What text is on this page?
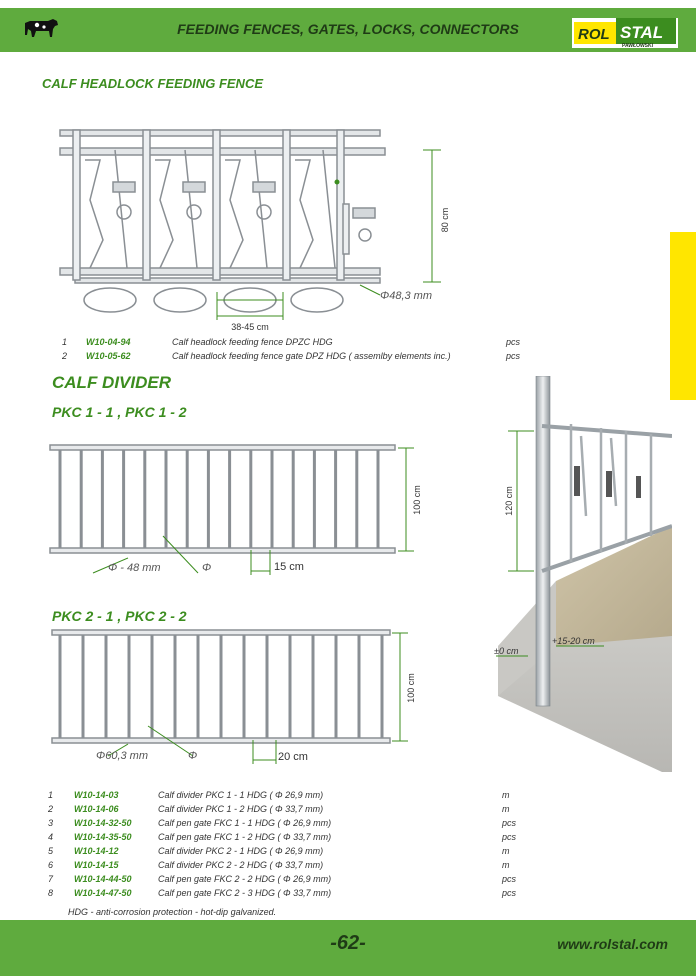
FEEDING FENCES, GATES, LOCKS, CONNECTORS	ROL STAL
PAWŁOWSKI
CALF HEADLOCK FEEDING FENCE
80 cm
38-45 cm
Φ48,3 mm
1 W10-04-94	Calf headlock feeding fence DPZC HDG	pcs
2 W10-05-62	Calf headlock feeding fence gate DPZ HDG ( assemlby elements inc.)	pcs
CALF DIVIDER
PKC 1 - 1 , PKC 1 - 2
100 cm
Φ - 48 mm	Φ	15 cm
PKC 2 - 1 , PKC 2 - 2
100 cm
Φ60,3 mm	Φ	20 cm
120 cm
±0 cm
+15-20 cm
1 W10-14-03	Calf divider PKC 1 - 1 HDG ( Φ 26,9 mm)	m
2 W10-14-06	Calf divider PKC 1 - 2 HDG ( Φ 33,7 mm)	m
3 W10-14-32-50	Calf pen gate FKC 1 - 1 HDG ( Φ 26,9 mm)	pcs
4 W10-14-35-50	Calf pen gate FKC 1 - 2 HDG ( Φ 33,7 mm)	pcs
5 W10-14-12	Calf divider PKC 2 - 1 HDG ( Φ 26,9 mm)	m
6 W10-14-15	Calf divider PKC 2 - 2 HDG ( Φ 33,7 mm)	m
7 W10-14-44-50	Calf pen gate FKC 2 - 2 HDG ( Φ 26,9 mm)	pcs
8 W10-14-47-50	Calf pen gate FKC 2 - 3 HDG ( Φ 33,7 mm)	pcs
HDG - anti-corrosion protection - hot-dip galvanized.
-62-	www.rolstal.com
